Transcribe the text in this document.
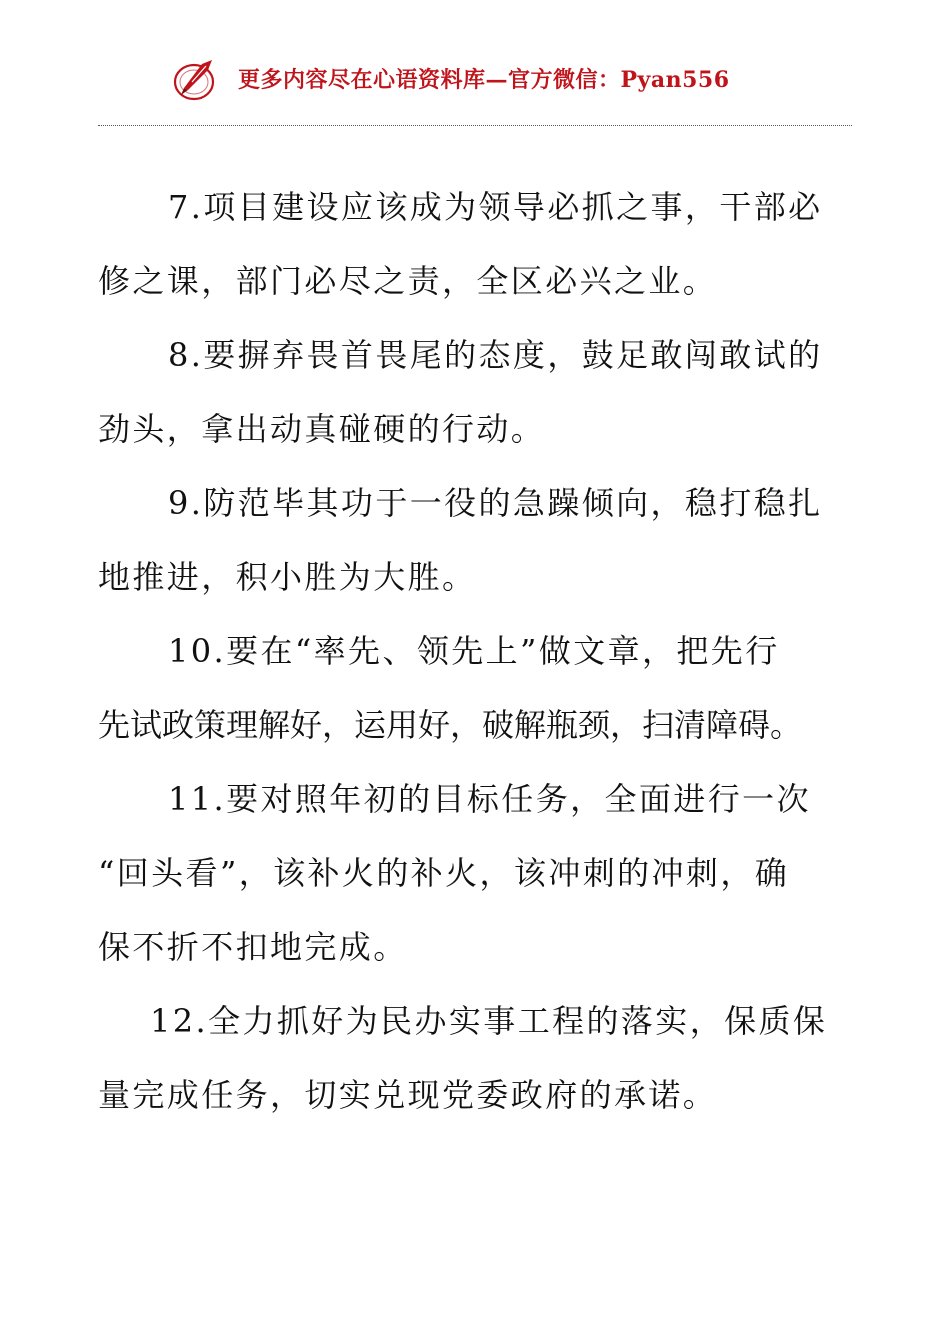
更多内容尽在心语资料库—官方微信：Pyan556

7.项目建设应该成为领导必抓之事，干部必
修之课，部门必尽之责，全区必兴之业。

8.要摒弃畏首畏尾的态度，鼓足敢闯敢试的
劲头，拿出动真碰硬的行动。

9.防范毕其功于一役的急躁倾向，稳打稳扎
地推进，积小胜为大胜。

10.要在“率先、领先上”做文章，把先行
先试政策理解好，运用好，破解瓶颈，扫清障碍。

11.要对照年初的目标任务，全面进行一次
“回头看”，该补火的补火，该冲刺的冲刺，确
保不折不扣地完成。

12.全力抓好为民办实事工程的落实，保质保
量完成任务，切实兑现党委政府的承诺。
